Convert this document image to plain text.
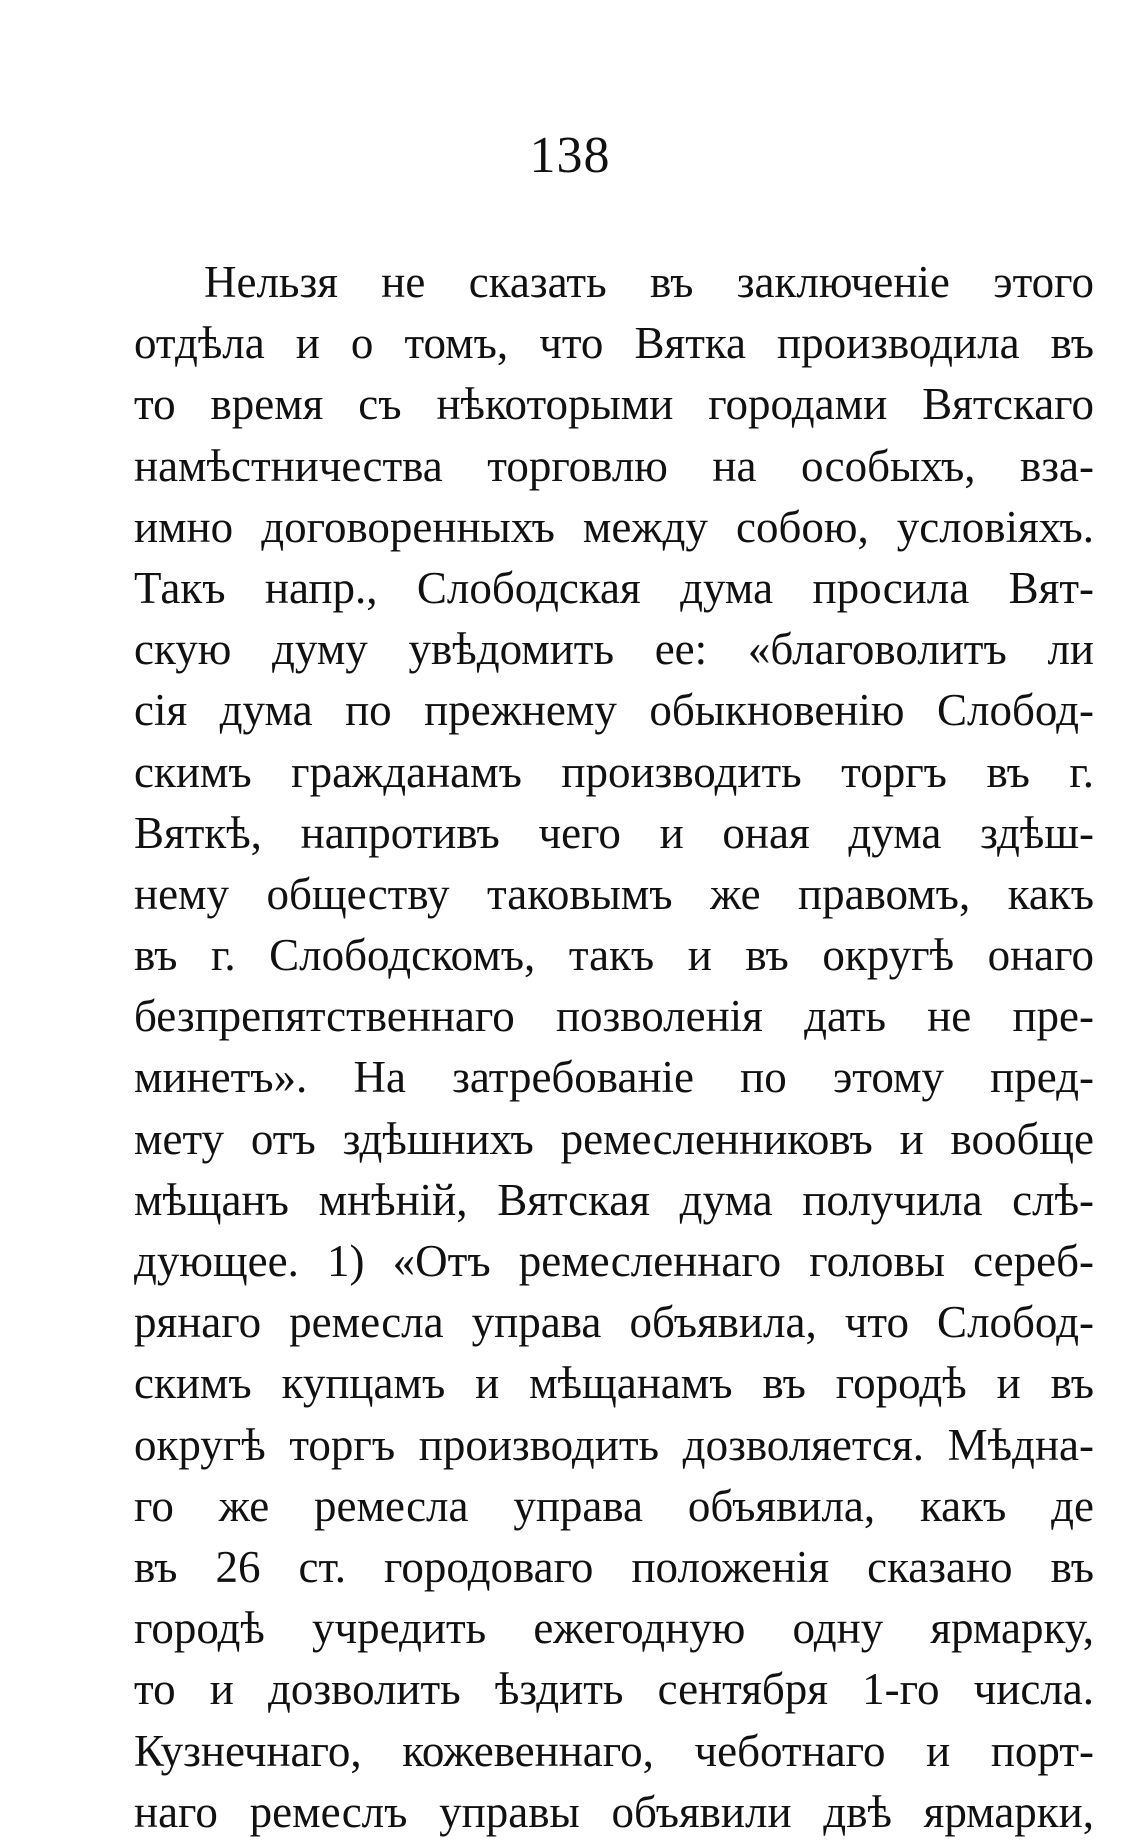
138
Нельзя не сказать въ заключеніе этого
отдѣла и о томъ, что Вятка производила въ
то время съ нѣкоторыми городами Вятскаго
намѣстничества торговлю на особыхъ, вза-
имно договоренныхъ между собою, условіяхъ.
Такъ напр., Слободская дума просила Вят-
скую думу увѣдомить ее: «благоволитъ ли
сія дума по прежнему обыкновенію Слобод-
скимъ гражданамъ производить торгъ въ г.
Вяткѣ, напротивъ чего и оная дума здѣш-
нему обществу таковымъ же правомъ, какъ
въ г. Слободскомъ, такъ и въ округѣ онаго
безпрепятственнаго позволенія дать не пре-
минетъ». На затребованіе по этому пред-
мету отъ здѣшнихъ ремесленниковъ и вообще
мѣщанъ мнѣній, Вятская дума получила слѣ-
дующее. 1) «Отъ ремесленнаго головы сереб-
рянаго ремесла управа объявила, что Слобод-
скимъ купцамъ и мѣщанамъ въ городѣ и въ
округѣ торгъ производить дозволяется. Мѣдна-
го же ремесла управа объявила, какъ де
въ 26 ст. городоваго положенія сказано въ
городѣ учредить ежегодную одну ярмарку,
то и дозволить ѣздить сентября 1-го числа.
Кузнечнаго, кожевеннаго, чеботнаго и порт-
наго ремеслъ управы объявили двѣ ярмарки,
